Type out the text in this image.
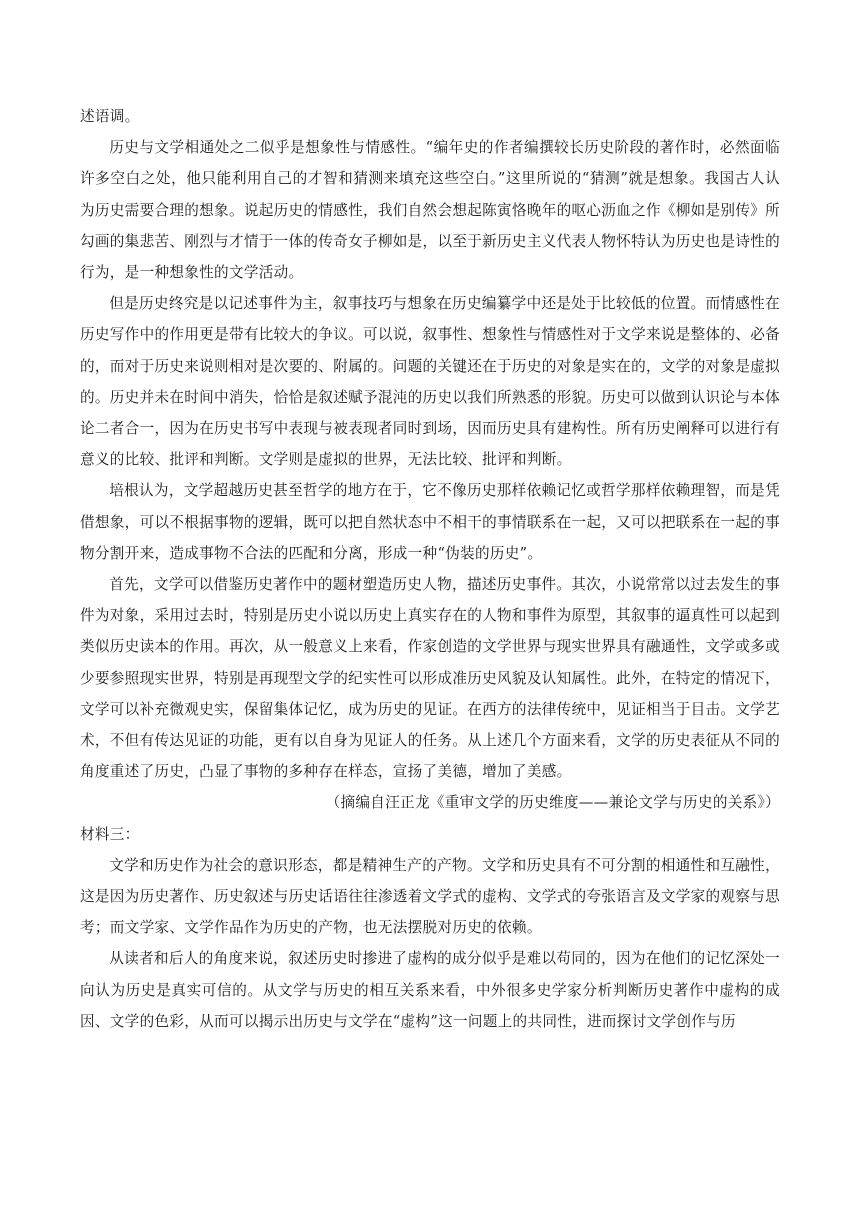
述语调。

历史与文学相通处之二似乎是想象性与情感性。“编年史的作者编撰较长历史阶段的著作时，必然面临许多空白之处，他只能利用自己的才智和猜测来填充这些空白。”这里所说的“猜测”就是想象。我国古人认为历史需要合理的想象。说起历史的情感性，我们自然会想起陈寅恪晚年的呕心沥血之作《柳如是别传》所勾画的集悲苦、刚烈与才情于一体的传奇女子柳如是，以至于新历史主义代表人物怀特认为历史也是诗性的行为，是一种想象性的文学活动。

但是历史终究是以记述事件为主，叙事技巧与想象在历史编纂学中还是处于比较低的位置。而情感性在历史写作中的作用更是带有比较大的争议。可以说，叙事性、想象性与情感性对于文学来说是整体的、必备的，而对于历史来说则相对是次要的、附属的。问题的关键还在于历史的对象是实在的，文学的对象是虚拟的。历史并未在时间中消失，恰恰是叙述赋予混沌的历史以我们所熟悉的形貌。历史可以做到认识论与本体论二者合一，因为在历史书写中表现与被表现者同时到场，因而历史具有建构性。所有历史阐释可以进行有意义的比较、批评和判断。文学则是虚拟的世界，无法比较、批评和判断。

培根认为，文学超越历史甚至哲学的地方在于，它不像历史那样依赖记忆或哲学那样依赖理智，而是凭借想象，可以不根据事物的逻辑，既可以把自然状态中不相干的事情联系在一起，又可以把联系在一起的事物分割开来，造成事物不合法的匹配和分离，形成一种“伪装的历史”。

首先，文学可以借鉴历史著作中的题材塑造历史人物，描述历史事件。其次，小说常常以过去发生的事件为对象，采用过去时，特别是历史小说以历史上真实存在的人物和事件为原型，其叙事的逼真性可以起到类似历史读本的作用。再次，从一般意义上来看，作家创造的文学世界与现实世界具有融通性，文学或多或少要参照现实世界，特别是再现型文学的纪实性可以形成准历史风貌及认知属性。此外，在特定的情况下，文学可以补充微观史实，保留集体记忆，成为历史的见证。在西方的法律传统中，见证相当于目击。文学艺术，不但有传达见证的功能，更有以自身为见证人的任务。从上述几个方面来看，文学的历史表征从不同的角度重述了历史，凸显了事物的多种存在样态，宣扬了美德，增加了美感。

（摘编自汪正龙《重审文学的历史维度——兼论文学与历史的关系》）

材料三：

文学和历史作为社会的意识形态，都是精神生产的产物。文学和历史具有不可分割的相通性和互融性，这是因为历史著作、历史叙述与历史话语往往渗透着文学式的虚构、文学式的夸张语言及文学家的观察与思考；而文学家、文学作品作为历史的产物，也无法摆脱对历史的依赖。

从读者和后人的角度来说，叙述历史时掺进了虚构的成分似乎是难以苟同的，因为在他们的记忆深处一向认为历史是真实可信的。从文学与历史的相互关系来看，中外很多史学家分析判断历史著作中虚构的成因、文学的色彩，从而可以揭示出历史与文学在“虚构”这一问题上的共同性，进而探讨文学创作与历
